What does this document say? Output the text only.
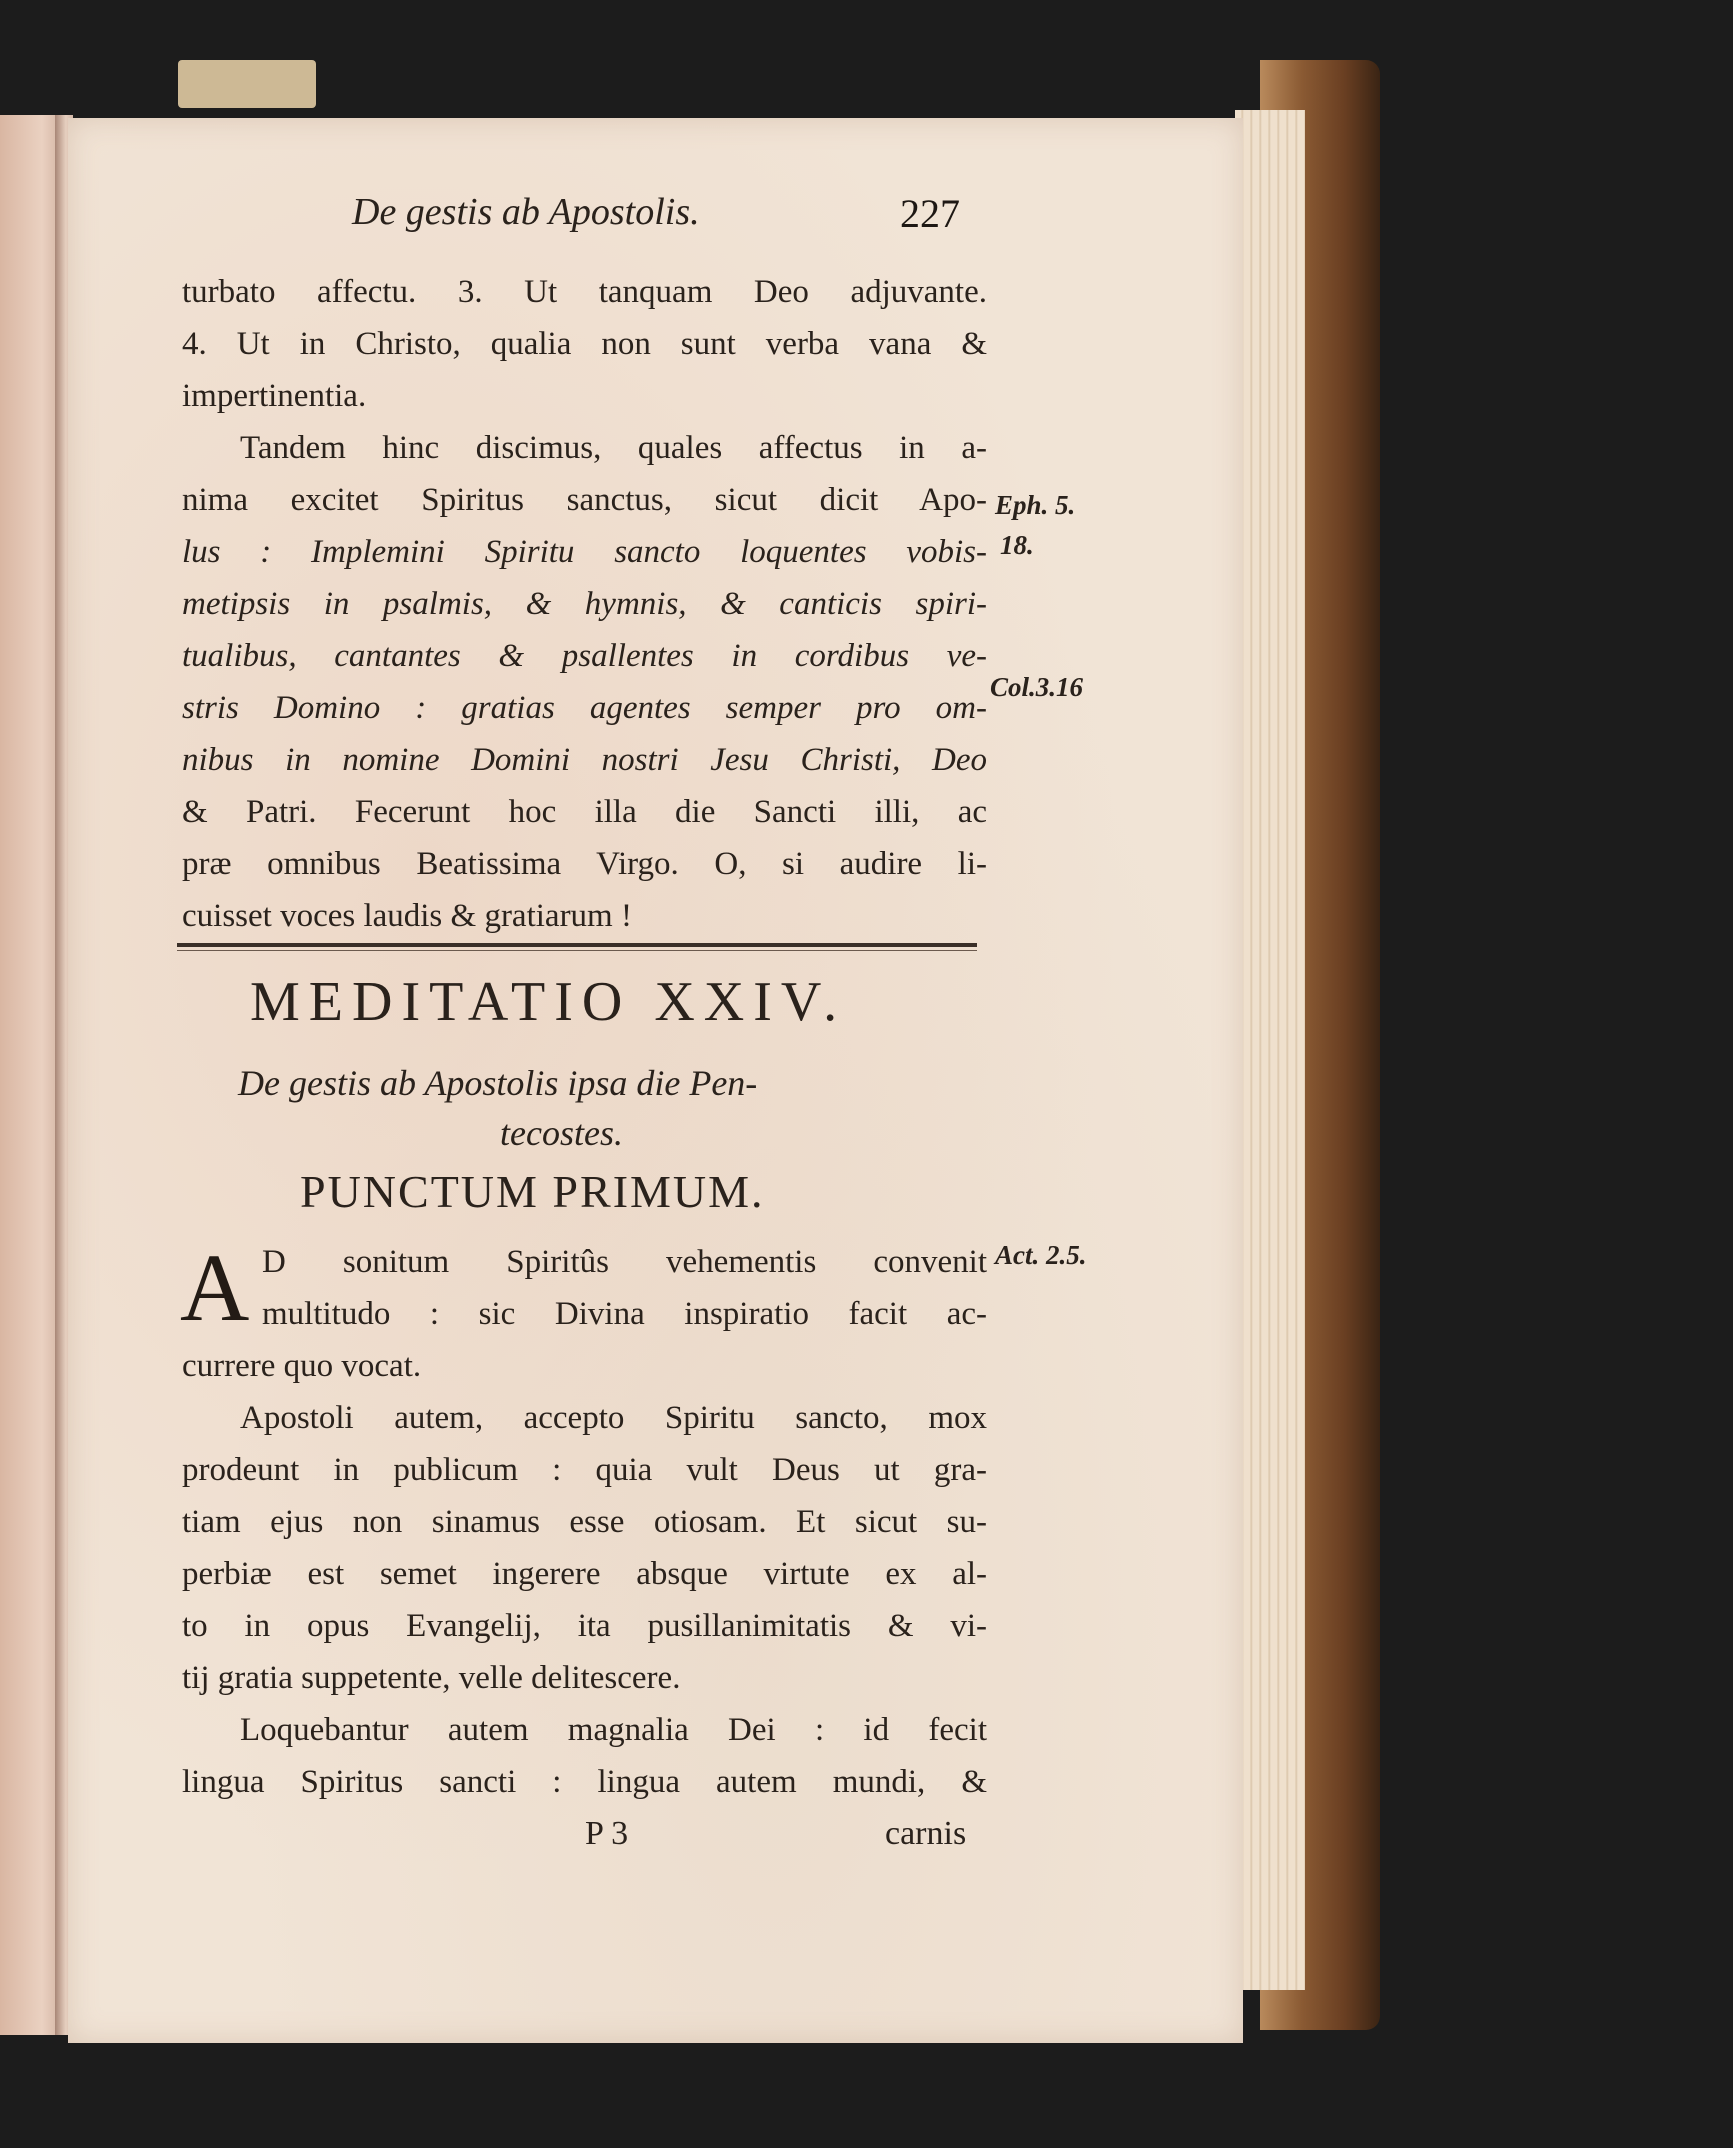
De gestis ab Apostolis.	227
turbato affectu. 3. Ut tanquam Deo adjuvante.
4. Ut in Christo, qualia non sunt verba vana &
impertinentia.
Tandem hinc discimus, quales affectus in a-
nima excitet Spiritus sanctus, sicut dicit Apo-
lus : Implemini Spiritu sancto loquentes vobis-
metipsis in psalmis, & hymnis, & canticis spiri-
tualibus, cantantes & psallentes in cordibus ve-
stris Domino : gratias agentes semper pro om-
nibus in nomine Domini nostri Jesu Christi, Deo
& Patri. Fecerunt hoc illa die Sancti illi, ac
præ omnibus Beatissima Virgo. O, si audire li-
cuisset voces laudis & gratiarum !
Eph. 5.
18.
Col.3.16
Act. 2.5.
MEDITATIO XXIV.
De gestis ab Apostolis ipsa die Pen-
tecostes.
PUNCTUM PRIMUM.
A D sonitum Spiritûs vehementis convenit
multitudo : sic Divina inspiratio facit ac-
currere quo vocat.
Apostoli autem, accepto Spiritu sancto, mox
prodeunt in publicum : quia vult Deus ut gra-
tiam ejus non sinamus esse otiosam. Et sicut su-
perbiæ est semet ingerere absque virtute ex al-
to in opus Evangelij, ita pusillanimitatis & vi-
tij gratia suppetente, velle delitescere.
Loquebantur autem magnalia Dei : id fecit
lingua Spiritus sancti : lingua autem mundi, &
P 3	carnis
